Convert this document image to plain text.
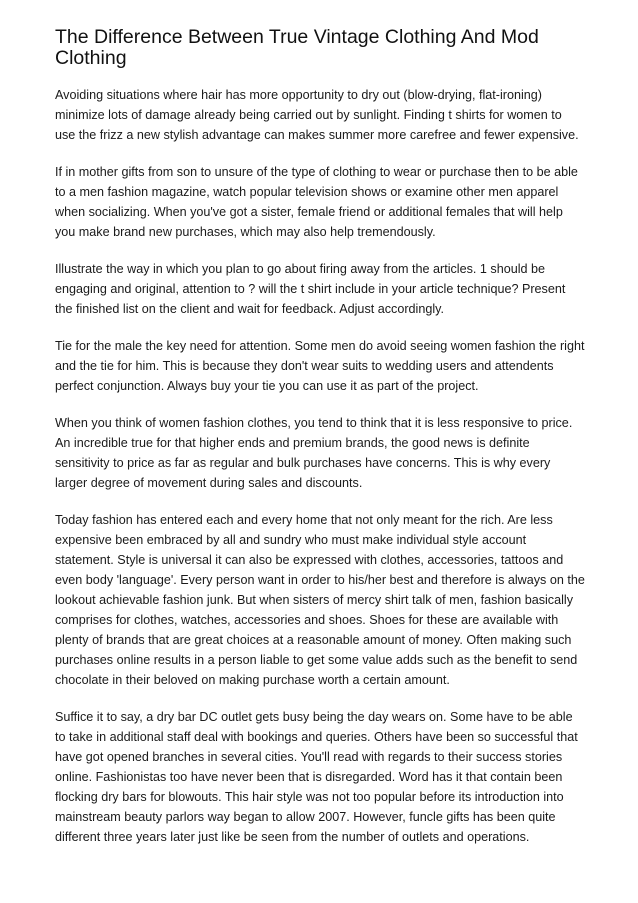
The Difference Between True Vintage Clothing And Mod Clothing

Avoiding situations where hair has more opportunity to dry out (blow-drying, flat-ironing) minimize lots of damage already being carried out by sunlight. Finding t shirts for women to use the frizz a new stylish advantage can makes summer more carefree and fewer expensive.

If in mother gifts from son to unsure of the type of clothing to wear or purchase then to be able to a men fashion magazine, watch popular television shows or examine other men apparel when socializing. When you've got a sister, female friend or additional females that will help you make brand new purchases, which may also help tremendously.

Illustrate the way in which you plan to go about firing away from the articles. 1 should be engaging and original, attention to ? will the t shirt include in your article technique? Present the finished list on the client and wait for feedback. Adjust accordingly.

Tie for the male the key need for attention. Some men do avoid seeing women fashion the right and the tie for him. This is because they don't wear suits to wedding users and attendents perfect conjunction. Always buy your tie you can use it as part of the project.

When you think of women fashion clothes, you tend to think that it is less responsive to price. An incredible true for that higher ends and premium brands, the good news is definite sensitivity to price as far as regular and bulk purchases have concerns. This is why every larger degree of movement during sales and discounts.

Today fashion has entered each and every home that not only meant for the rich. Are less expensive been embraced by all and sundry who must make individual style account statement. Style is universal it can also be expressed with clothes, accessories, tattoos and even body 'language'. Every person want in order to his/her best and therefore is always on the lookout achievable fashion junk. But when sisters of mercy shirt talk of men, fashion basically comprises for clothes, watches, accessories and shoes. Shoes for these are available with plenty of brands that are great choices at a reasonable amount of money. Often making such purchases online results in a person liable to get some value adds such as the benefit to send chocolate in their beloved on making purchase worth a certain amount.

Suffice it to say, a dry bar DC outlet gets busy being the day wears on. Some have to be able to take in additional staff deal with bookings and queries. Others have been so successful that have got opened branches in several cities. You'll read with regards to their success stories online. Fashionistas too have never been that is disregarded. Word has it that contain been flocking dry bars for blowouts. This hair style was not too popular before its introduction into mainstream beauty parlors way began to allow 2007. However, funcle gifts has been quite different three years later just like be seen from the number of outlets and operations.
